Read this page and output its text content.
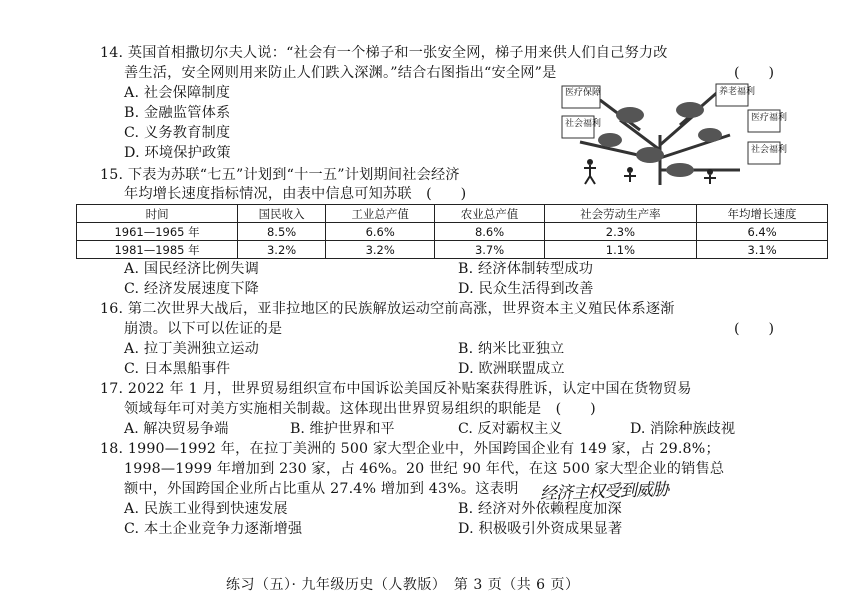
14. 英国首相撒切尔夫人说：“社会有一个梯子和一张安全网，梯子用来供人们自己努力改
善生活，安全网则用来防止人们跌入深渊。”结合右图指出“安全网”是	(　　)
A. 社会保障制度
B. 金融监管体系
C. 义务教育制度
D. 环境保护政策
医疗保障	养老福利
社会福利
医疗福利
社会福利
15. 下表为苏联“七五”计划到“十一五”计划期间社会经济
年均增长速度指标情况，由表中信息可知苏联　(　　)
时间	国民收入	工业总产值	农业总产值	社会劳动生产率	年均增长速度
1961—1965 年	8.5%	6.6%	8.6%	2.3%	6.4%
1981—1985 年	3.2%	3.2%	3.7%	1.1%	3.1%
A. 国民经济比例失调	B. 经济体制转型成功
C. 经济发展速度下降	D. 民众生活得到改善
16. 第二次世界大战后，亚非拉地区的民族解放运动空前高涨，世界资本主义殖民体系逐渐
崩溃。以下可以佐证的是	(　　)
A. 拉丁美洲独立运动	B. 纳米比亚独立
C. 日本黑船事件	D. 欧洲联盟成立
17. 2022 年 1 月，世界贸易组织宣布中国诉讼美国反补贴案获得胜诉，认定中国在货物贸易
领域每年可对美方实施相关制裁。这体现出世界贸易组织的职能是　(　　)
A. 解决贸易争端	B. 维护世界和平	C. 反对霸权主义	D. 消除种族歧视
18. 1990—1992 年，在拉丁美洲的 500 家大型企业中，外国跨国企业有 149 家，占 29.8%；
1998—1999 年增加到 230 家，占 46%。20 世纪 90 年代，在这 500 家大型企业的销售总
额中，外国跨国企业所占比重从 27.4% 增加到 43%。这表明 经济主权受到威胁
A. 民族工业得到快速发展	B. 经济对外依赖程度加深
C. 本土企业竞争力逐渐增强	D. 积极吸引外资成果显著
练习（五）· 九年级历史（人教版）　第 3 页（共 6 页）
